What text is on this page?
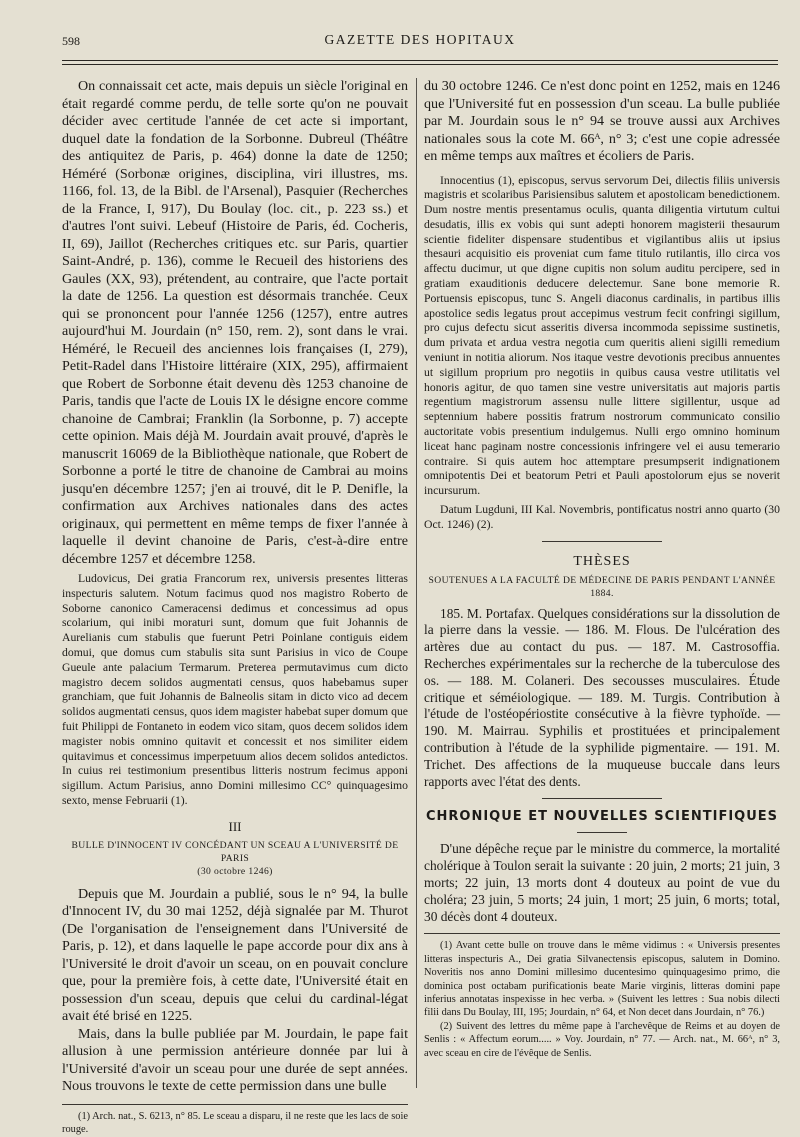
598	GAZETTE DES HOPITAUX

On connaissait cet acte, mais depuis un siècle l'original en était regardé comme perdu, de telle sorte qu'on ne pouvait décider avec certitude l'année de cet acte si important, duquel date la fondation de la Sorbonne. Dubreul (Théâtre des antiquitez de Paris, p. 464) donne la date de 1250; Héméré (Sorbonæ origines, disciplina, viri illustres, ms. 1166, fol. 13, de la Bibl. de l'Arsenal), Pasquier (Recherches de la France, I, 917), Du Boulay (loc. cit., p. 223 ss.) et d'autres l'ont suivi. Lebeuf (Histoire de Paris, éd. Cocheris, II, 69), Jaillot (Recherches critiques etc. sur Paris, quartier Saint-André, p. 136), comme le Recueil des historiens des Gaules (XX, 93), prétendent, au contraire, que l'acte portait la date de 1256. La question est désormais tranchée. Ceux qui se prononcent pour l'année 1256 (1257), entre autres aujourd'hui M. Jourdain (n° 150, rem. 2), sont dans le vrai. Héméré, le Recueil des anciennes lois françaises (I, 279), Petit-Radel dans l'Histoire littéraire (XIX, 295), affirmaient que Robert de Sorbonne était devenu dès 1253 chanoine de Paris, tandis que l'acte de Louis IX le désigne encore comme chanoine de Cambrai; Franklin (la Sorbonne, p. 7) accepte cette opinion. Mais déjà M. Jourdain avait prouvé, d'après le manuscrit 16069 de la Bibliothèque nationale, que Robert de Sorbonne a porté le titre de chanoine de Cambrai au moins jusqu'en décembre 1257; j'en ai trouvé, dit le P. Denifle, la confirmation aux Archives nationales dans des actes originaux, qui permettent en même temps de fixer l'année à laquelle il devint chanoine de Paris, c'est-à-dire entre décembre 1257 et décembre 1258.

Ludovicus, Dei gratia Francorum rex, universis presentes litteras inspecturis salutem. Notum facimus quod nos magistro Roberto de Soborne canonico Cameracensi dedimus et concessimus ad opus scolarium, qui inibi moraturi sunt, domum que fuit Johannis de Aurelianis cum stabulis que fuerunt Petri Poinlane contiguis eidem domui, que domus cum stabulis sita sunt Parisius in vico de Coupe Gueule ante palacium Termarum. Preterea permutavimus cum dicto magistro decem solidos augmentati census, quos habebamus super granchiam, que fuit Johannis de Balneolis sitam in dicto vico ad decem solidos augmentati census, quos idem magister habebat super domum que fuit Philippi de Fontaneto in eodem vico sitam, quos decem solidos idem magister nobis omnino quitavit et concessit et nos similiter eidem quitavimus et concessimus imperpetuum alios decem solidos antedictos. In cuius rei testimonium presentibus litteris nostrum fecimus apponi sigillum. Actum Parisius, anno Domini millesimo CC° quinquagesimo sexto, mense Februarii (1).

III
BULLE D'INNOCENT IV CONCÉDANT UN SCEAU A L'UNIVERSITÉ DE PARIS
(30 octobre 1246)

Depuis que M. Jourdain a publié, sous le n° 94, la bulle d'Innocent IV, du 30 mai 1252, déjà signalée par M. Thurot (De l'organisation de l'enseignement dans l'Université de Paris, p. 12), et dans laquelle le pape accorde pour dix ans à l'Université le droit d'avoir un sceau, on en pouvait conclure que, pour la première fois, à cette date, l'Université était en possession d'un sceau, depuis que celui du cardinal-légat avait été brisé en 1225.

Mais, dans la bulle publiée par M. Jourdain, le pape fait allusion à une permission antérieure donnée par lui à l'Université d'avoir un sceau pour une durée de sept années. Nous trouvons le texte de cette permission dans une bulle

(1) Arch. nat., S. 6213, n° 85. Le sceau a disparu, il ne reste que les lacs de soie rouge.

du 30 octobre 1246. Ce n'est donc point en 1252, mais en 1246 que l'Université fut en possession d'un sceau. La bulle publiée par M. Jourdain sous le n° 94 se trouve aussi aux Archives nationales sous la cote M. 66ᴬ, n° 3; c'est une copie adressée en même temps aux maîtres et écoliers de Paris.

Innocentius (1), episcopus, servus servorum Dei, dilectis filiis universis magistris et scolaribus Parisiensibus salutem et apostolicam benedictionem. Dum nostre mentis presentamus oculis, quanta diligentia virtutum cultui desudatis, illis ex vobis qui sunt adepti honorem magisterii thesaurum scientie fideliter dispensare studentibus et vigilantibus aliis ut ipsius thesauri acquisitio eis proveniat cum fame titulo rutilantis, illo circa vos affectu ducimur, ut que digne cupitis non solum auditu percipere, sed in gratiam exauditionis deducere delectemur. Sane bone memorie R. Portuensis episcopus, tunc S. Angeli diaconus cardinalis, in partibus illis apostolice sedis legatus prout accepimus vestrum fecit confringi sigillum, pro cujus defectu sicut asseritis diversa incommoda sepissime sustinetis, dum privata et ardua vestra negotia cum queritis alieni sigilli remedium veniunt in notitia aliorum. Nos itaque vestre devotionis precibus annuentes ut sigillum proprium pro negotiis in quibus causa vestre utilitatis vel honoris agitur, de quo tamen sine vestre universitatis aut majoris partis regentium magistrorum assensu nulle littere sigillentur, usque ad septennium habere possitis fratrum nostrorum communicato consilio auctoritate vobis presentium indulgemus. Nulli ergo omnino hominum liceat hanc paginam nostre concessionis infringere vel ei ausu temerario contraire. Si quis autem hoc attemptare presumpserit indignationem omnipotentis Dei et beatorum Petri et Pauli apostolorum ejus se noverit incursurum.

Datum Lugduni, III Kal. Novembris, pontificatus nostri anno quarto (30 Oct. 1246) (2).

THÈSES
SOUTENUES A LA FACULTÉ DE MÉDECINE DE PARIS PENDANT L'ANNÉE 1884.

185. M. Portafax. Quelques considérations sur la dissolution de la pierre dans la vessie. — 186. M. Flous. De l'ulcération des artères due au contact du pus. — 187. M. Castrosoffia. Recherches expérimentales sur la recherche de la tuberculose des os. — 188. M. Colaneri. Des secousses musculaires. Étude critique et séméiologique. — 189. M. Turgis. Contribution à l'étude de l'ostéopériostite consécutive à la fièvre typhoïde. — 190. M. Mairrau. Syphilis et prostituées et principalement contribution à l'étude de la syphilide pigmentaire. — 191. M. Trichet. Des affections de la muqueuse buccale dans leurs rapports avec l'état des dents.

CHRONIQUE ET NOUVELLES SCIENTIFIQUES

D'une dépêche reçue par le ministre du commerce, la mortalité cholérique à Toulon serait la suivante : 20 juin, 2 morts; 21 juin, 3 morts; 22 juin, 13 morts dont 4 douteux au point de vue du choléra; 23 juin, 5 morts; 24 juin, 1 mort; 25 juin, 6 morts; total, 30 décès dont 4 douteux.

(1) Avant cette bulle on trouve dans le même vidimus : « Universis presentes litteras inspecturis A., Dei gratia Silvanectensis episcopus, salutem in Domino. Noveritis nos anno Domini millesimo ducentesimo quinquagesimo primo, die dominica post octabam purificationis beate Marie virginis, litteras domini pape inferius annotatas inspexisse in hec verba. » (Suivent les lettres : Sua nobis dilecti filii dans Du Boulay, III, 195; Jourdain, n° 64, et Non decet dans Jourdain, n° 76.)

(2) Suivent des lettres du même pape à l'archevêque de Reims et au doyen de Senlis : « Affectum eorum..... » Voy. Jourdain, n° 77. — Arch. nat., M. 66ᴬ, n° 3, avec sceau en cire de l'évêque de Senlis.
